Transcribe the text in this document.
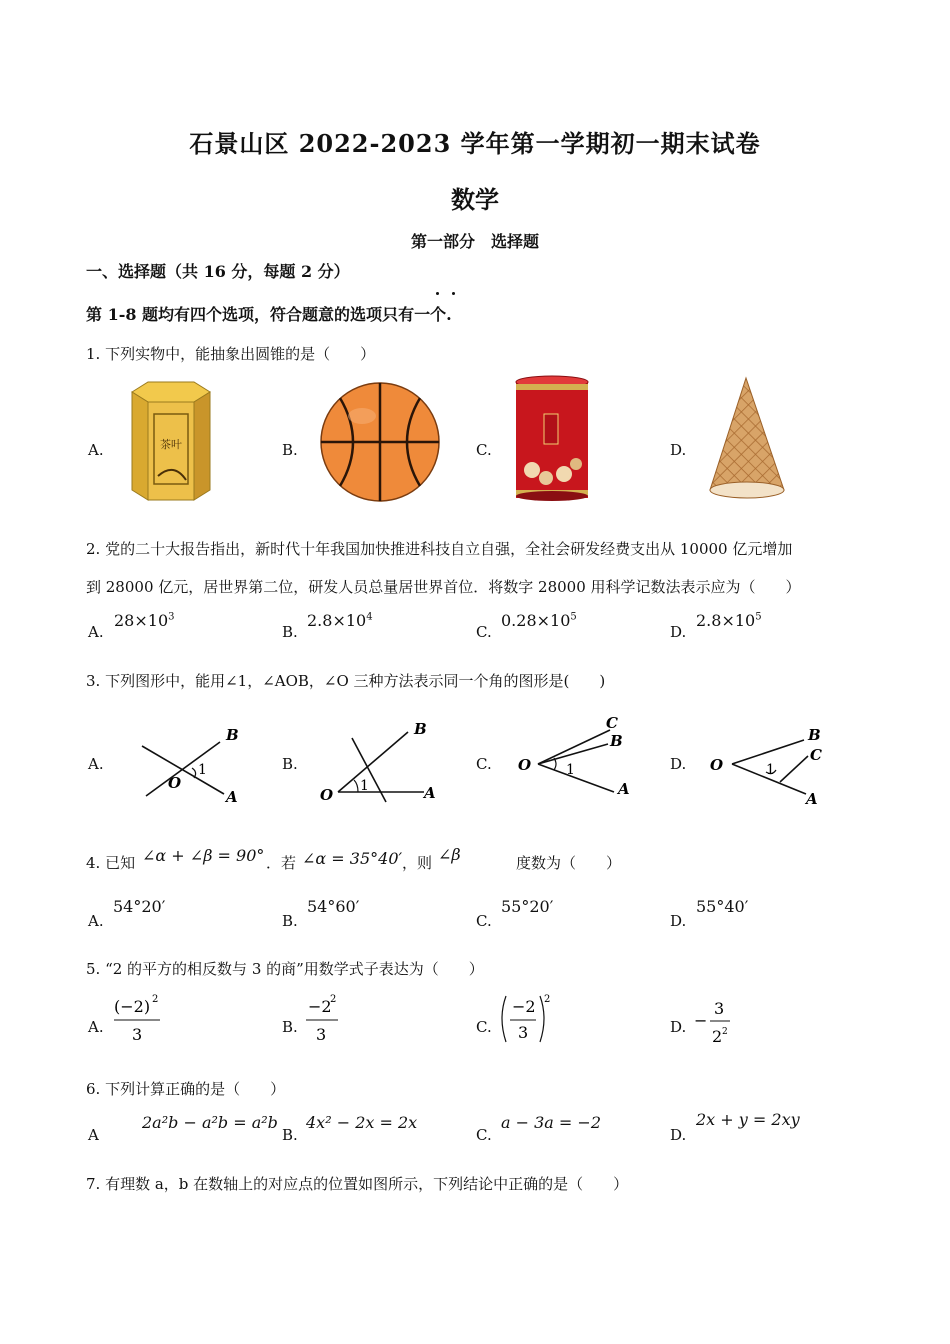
石景山区 2022-2023 学年第一学期初一期末试卷
数学
第一部分　选择题
一、选择题（共 16 分，每题 2 分）
第 1-8 题均有四个选项，符合题意的选项只有一个.
1. 下列实物中，能抽象出圆锥的是（　　）
A.	B.	C.	D.
茶叶
2. 党的二十大报告指出，新时代十年我国加快推进科技自立自强，全社会研发经费支出从 10000 亿元增加
到 28000 亿元，居世界第二位，研发人员总量居世界首位．将数字 28000 用科学记数法表示应为（　　）
A.
$28\times 10^3$
B.
$2.8\times 10^4$
C.
$0.28\times 10^5$
D.
$2.8\times 10^5$
3. 下列图形中，能用∠1，∠AOB，∠O 三种方法表示同一个角的图形是(　　)
A.	B.	C.	D.
O
1
B
A	O 1
B
A
O 1
C
B
A
O	1
B
C
A
4. 已知 ∠α + ∠β = 90° ．若 ∠α = 35°40′ ，则 ∠β	度数为（　　）
A.
54°20′
B.
54°60′
C.
55°20′
D.
55°40′
5. “2 的平方的相反数与 3 的商”用数学式子表达为（　　）
A.	B.	C.	D.
(−2) 2
3
−2
2
3
−2
3
2
−
3
2 2
6. 下列计算正确的是（　　）
A
2a²b − a²b = a²b
B.
4x² − 2x = 2x
C.
a − 3a = −2
D.
2x + y = 2xy
7. 有理数 a，b 在数轴上的对应点的位置如图所示，下列结论中正确的是（　　）
